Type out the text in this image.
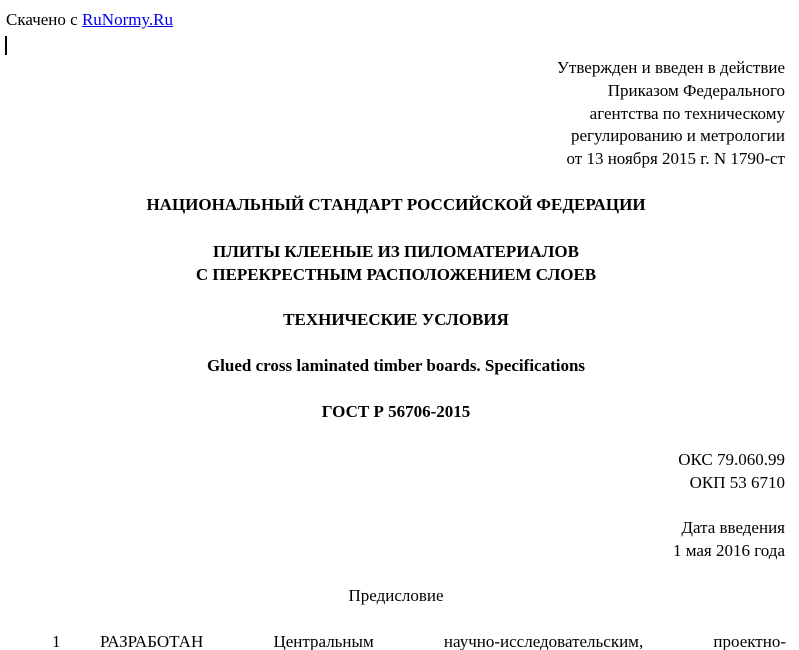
Скачено с RuNormy.Ru
Утвержден и введен в действие
Приказом Федерального
агентства по техническому
регулированию и метрологии
от 13 ноября 2015 г. N 1790-ст
НАЦИОНАЛЬНЫЙ СТАНДАРТ РОССИЙСКОЙ ФЕДЕРАЦИИ
ПЛИТЫ КЛЕЕНЫЕ ИЗ ПИЛОМАТЕРИАЛОВ
С ПЕРЕКРЕСТНЫМ РАСПОЛОЖЕНИЕМ СЛОЕВ
ТЕХНИЧЕСКИЕ УСЛОВИЯ
Glued cross laminated timber boards. Specifications
ГОСТ Р 56706-2015
ОКС 79.060.99
ОКП 53 6710
Дата введения
1 мая 2016 года
Предисловие
1 РАЗРАБОТАН Центральным научно-исследовательским, проектно-
